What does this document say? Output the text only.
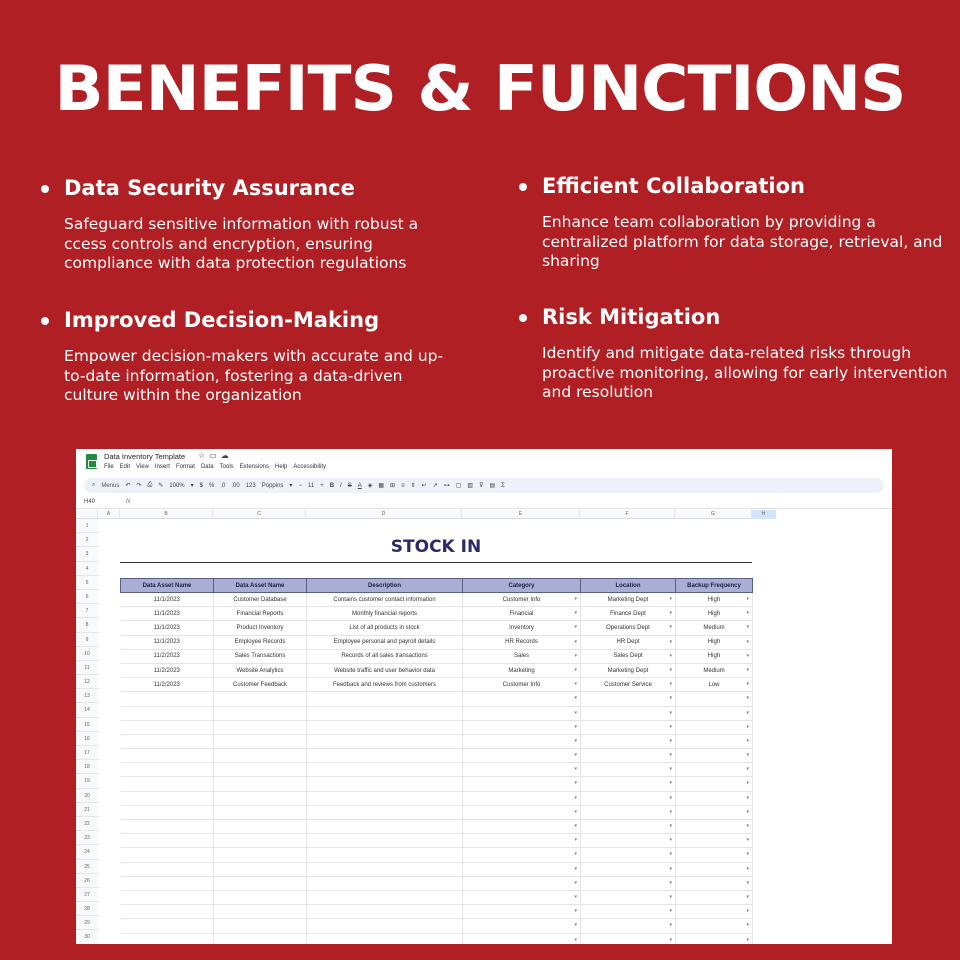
BENEFITS & FUNCTIONS
Data Security Assurance
Safeguard sensitive information with robust a ccess controls and encryption, ensuring compliance with data protection regulations
Efficient Collaboration
Enhance team collaboration by providing a centralized platform for data storage, retrieval, and sharing
Improved Decision-Making
Empower decision-makers with accurate and up-to-date information, fostering a data-driven culture within the organization
Risk Mitigation
Identify and mitigate data-related risks through proactive monitoring, allowing for early intervention and resolution
Data Inventory Template ☆▭☁
File Edit View Insert Format Data Tools Extensions Help Accessibility
⌕ Menus ↶ ↷ ⎙ ✎ 100% ▾ $ % .0 .00 123 Poppins ▾ − 11 + B I S A ◈ ▦ ⊞ ≡ ⇕ ↵ ↗ ⊶ ▢ ▥ ⊽ ▤ Σ
H40	fx
A	B	C	D	E	F	G	H
1
2
3
4
5
6
7
8
9
10
11
12
13
14
15
16
17
18
19
20
21
22
23
24
25
26
27
28
29
30
STOCK IN
Data Asset Name	Data Asset Name	Description	Category	Location	Backup Frequency
11/1/2023	Customer Database	Contains customer contact information	Customer Info ▾	Marketing Dept ▾	High ▾
11/1/2023	Financial Reports	Monthly financial reports	Financial ▾	Finance Dept ▾	High ▾
11/1/2023	Product Inventory	List of all products in stock	Inventory ▾	Operations Dept ▾	Medium ▾
11/1/2023	Employee Records	Employee personal and payroll details	HR Records ▾	HR Dept ▾	High ▾
11/2/2023	Sales Transactions	Records of all sales transactions	Sales ▾	Sales Dept ▾	High ▾
11/2/2023	Website Analytics	Website traffic and user behavior data	Marketing ▾	Marketing Dept ▾	Medium ▾
11/2/2023	Customer Feedback	Feedback and reviews from customers	Customer Info ▾	Customer Service ▾	Low ▾
			▾	▾	▾
			▾	▾	▾
			▾	▾	▾
			▾	▾	▾
			▾	▾	▾
			▾	▾	▾
			▾	▾	▾
			▾	▾	▾
			▾	▾	▾
			▾	▾	▾
			▾	▾	▾
			▾	▾	▾
			▾	▾	▾
			▾	▾	▾
			▾	▾	▾
			▾	▾	▾
			▾	▾	▾
			▾	▾	▾
